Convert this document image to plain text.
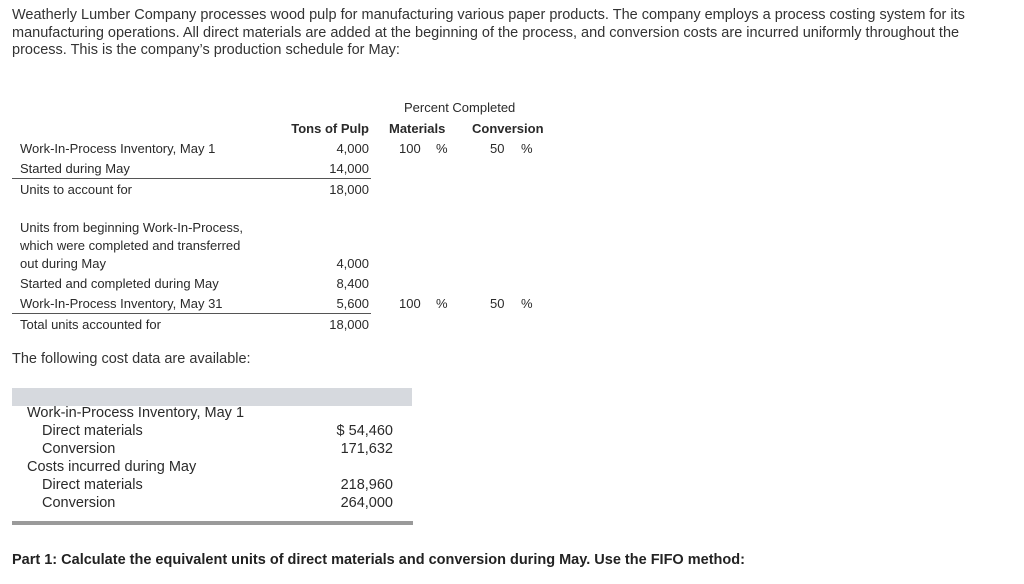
Weatherly Lumber Company processes wood pulp for manufacturing various paper products. The company employs a process costing system for its manufacturing operations. All direct materials are added at the beginning of the process, and conversion costs are incurred uniformly throughout the process. This is the company’s production schedule for May:
Percent Completed
Tons of Pulp Materials Conversion
Work-In-Process Inventory, May 1	4,000 100 %	50 %
Started during May	14,000
Units to account for	18,000
Units from beginning Work-In-Process,
which were completed and transferred
out during May	4,000
Started and completed during May	8,400
Work-In-Process Inventory, May 31	5,600 100 %	50 %
Total units accounted for	18,000
The following cost data are available:
Work-in-Process Inventory, May 1
Direct materials	$ 54,460
Conversion	171,632
Costs incurred during May
Direct materials	218,960
Conversion	264,000
Part 1: Calculate the equivalent units of direct materials and conversion during May. Use the FIFO method:
